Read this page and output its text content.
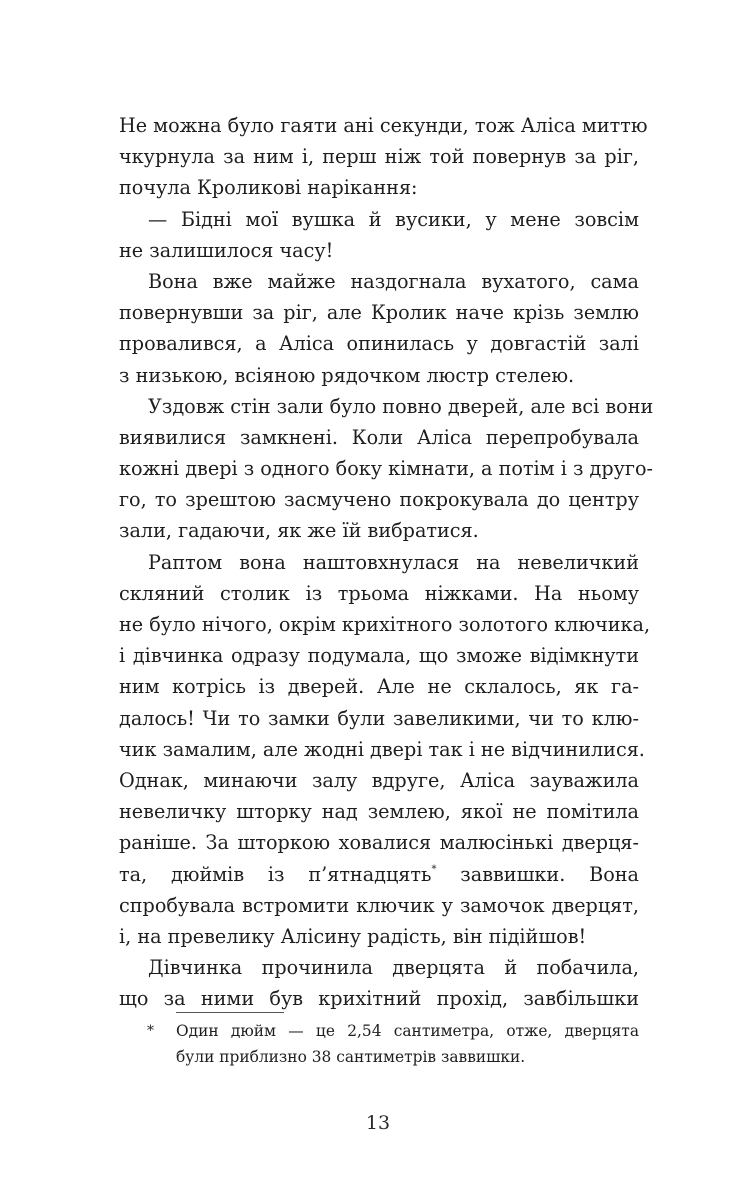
Не можна було гаяти ані секунди, тож Аліса миттю
чкурнула за ним і, перш ніж той повернув за ріг,
почула Кроликові нарікання:
— Бідні мої вушка й вусики, у мене зовсім
не залишилося часу!
Вона вже майже наздогнала вухатого, сама
повернувши за ріг, але Кролик наче крізь землю
провалився, а Аліса опинилась у довгастій залі
з низькою, всіяною рядочком люстр стелею.
Уздовж стін зали було повно дверей, але всі вони
виявилися замкнені. Коли Аліса перепробувала
кожні двері з одного боку кімнати, а потім і з друго-
го, то зрештою засмучено покрокувала до центру
зали, гадаючи, як же їй вибратися.
Раптом вона наштовхнулася на невеличкий
скляний столик із трьома ніжками. На ньому
не було нічого, окрім крихітного золотого ключика,
і дівчинка одразу подумала, що зможе відімкнути
ним котрісь із дверей. Але не склалось, як га-
далось! Чи то замки були завеликими, чи то клю-
чик замалим, але жодні двері так і не відчинилися.
Однак, минаючи залу вдруге, Аліса зауважила
невеличку шторку над землею, якої не помітила
раніше. За шторкою ховалися малюсінькі дверця-
та, дюймів із п’ятнадцять* заввишки. Вона
спробувала встромити ключик у замочок дверцят,
і, на превелику Алісину радість, він підійшов!
Дівчинка прочинила дверцята й побачила,
що за ними був крихітний прохід, завбільшки
* Один дюйм — це 2,54 сантиметра, отже, дверцята
були приблизно 38 сантиметрів заввишки.
13
